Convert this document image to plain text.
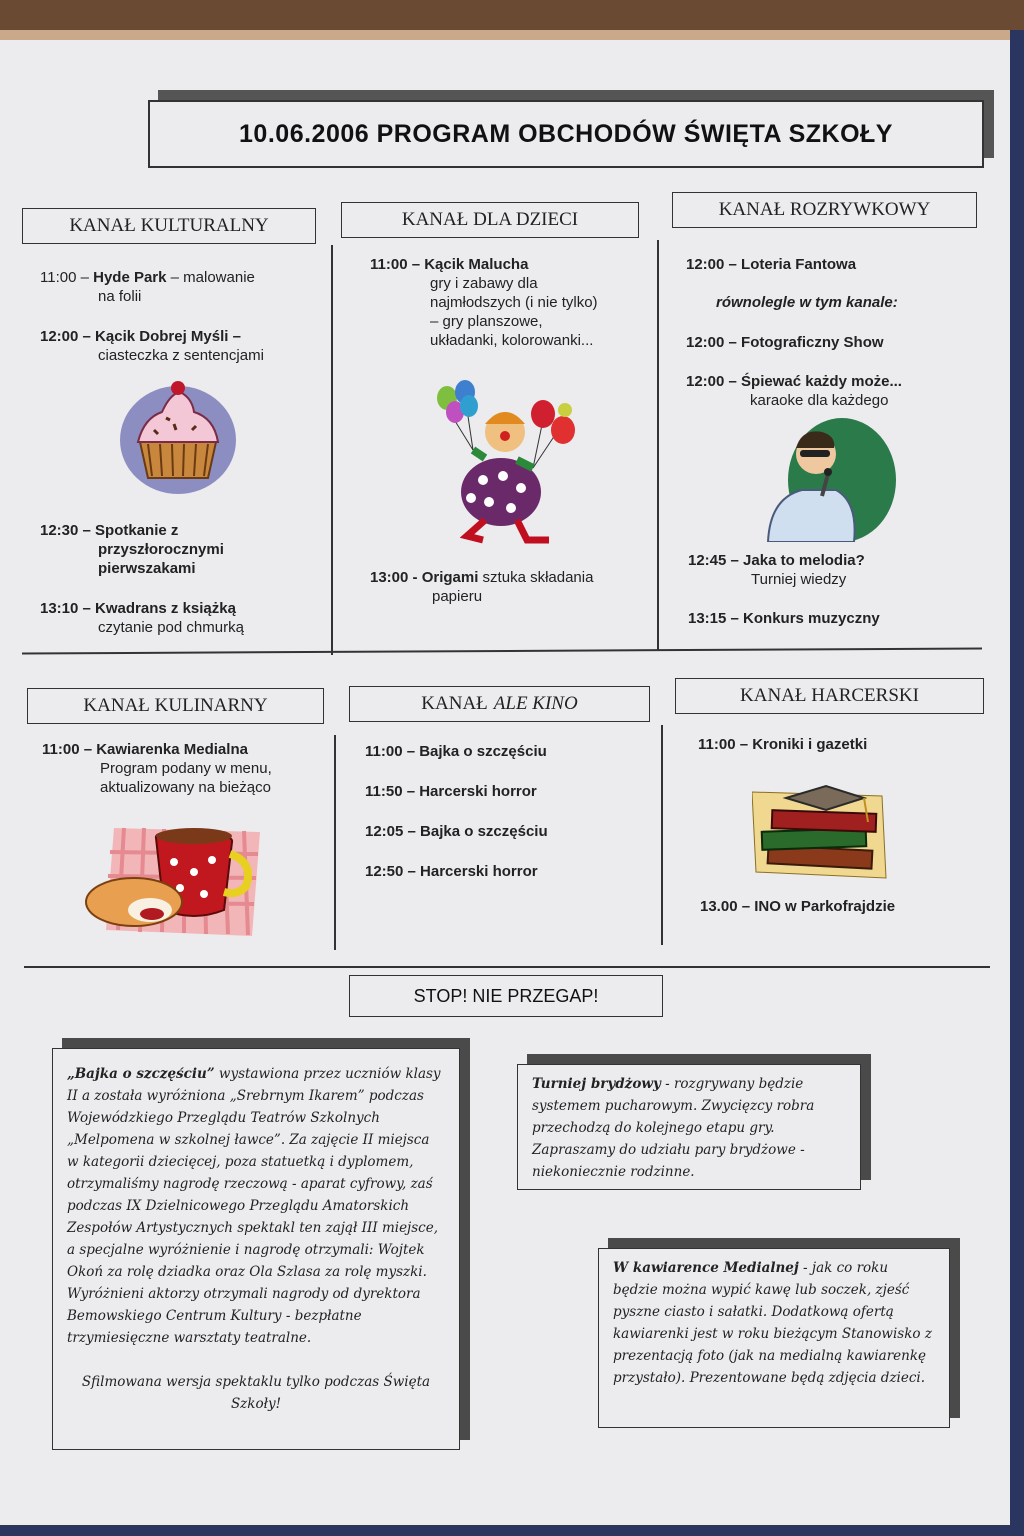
10.06.2006 PROGRAM OBCHODÓW ŚWIĘTA SZKOŁY
KANAŁ KULTURALNY	KANAŁ DLA DZIECI	KANAŁ ROZRYWKOWY
11:00 – Hyde Park – malowanie
na folii
12:00 – Kącik Dobrej Myśli –
ciasteczka z sentencjami
12:30 – Spotkanie z
przyszłorocznymi
pierwszakami
13:10 – Kwadrans z książką
czytanie pod chmurką
11:00 – Kącik Malucha
gry i zabawy dla
najmłodszych (i nie tylko)
– gry planszowe,
układanki, kolorowanki...
13:00 - Origami sztuka składania
papieru
12:00 – Loteria Fantowa
równolegle w tym kanale:
12:00 – Fotograficzny Show
12:00 – Śpiewać każdy może...
karaoke dla każdego
12:45 – Jaka to melodia?
Turniej wiedzy
13:15 – Konkurs muzyczny
KANAŁ KULINARNY	KANAŁ ALE KINO	KANAŁ HARCERSKI
11:00 – Kawiarenka Medialna
Program podany w menu,
aktualizowany na bieżąco
11:00 – Bajka o szczęściu
11:50 – Harcerski horror
12:05 – Bajka o szczęściu
12:50 – Harcerski horror
11:00 – Kroniki i gazetki
13.00 – INO w Parkofrajdzie
STOP! NIE PRZEGAP!
„Bajka o szczęściu” wystawiona przez uczniów klasy II a została wyróżniona „Srebrnym Ikarem” podczas Wojewódzkiego Przeglądu Teatrów Szkolnych „Melpomena w szkolnej ławce”. Za zajęcie II miejsca w kategorii dziecięcej, poza statuetką i dyplomem, otrzymaliśmy nagrodę rzeczową - aparat cyfrowy, zaś podczas IX Dzielnicowego Przeglądu Amatorskich Zespołów Artystycznych spektakl ten zajął III miejsce, a specjalne wyróżnienie i nagrodę otrzymali: Wojtek Okoń za rolę dziadka oraz Ola Szlasa za rolę myszki. Wyróżnieni aktorzy otrzymali nagrody od dyrektora Bemowskiego Centrum Kultury - bezpłatne trzymiesięczne warsztaty teatralne.
Sfilmowana wersja spektaklu tylko podczas Święta Szkoły!
Turniej brydżowy - rozgrywany będzie systemem pucharowym. Zwycięzcy robra przechodzą do kolejnego etapu gry. Zapraszamy do udziału pary brydżowe - niekoniecznie rodzinne.
W kawiarence Medialnej - jak co roku będzie można wypić kawę lub soczek, zjeść pyszne ciasto i sałatki. Dodatkową ofertą kawiarenki jest w roku bieżącym Stanowisko z prezentacją foto (jak na medialną kawiarenkę przystało). Prezentowane będą zdjęcia dzieci.
